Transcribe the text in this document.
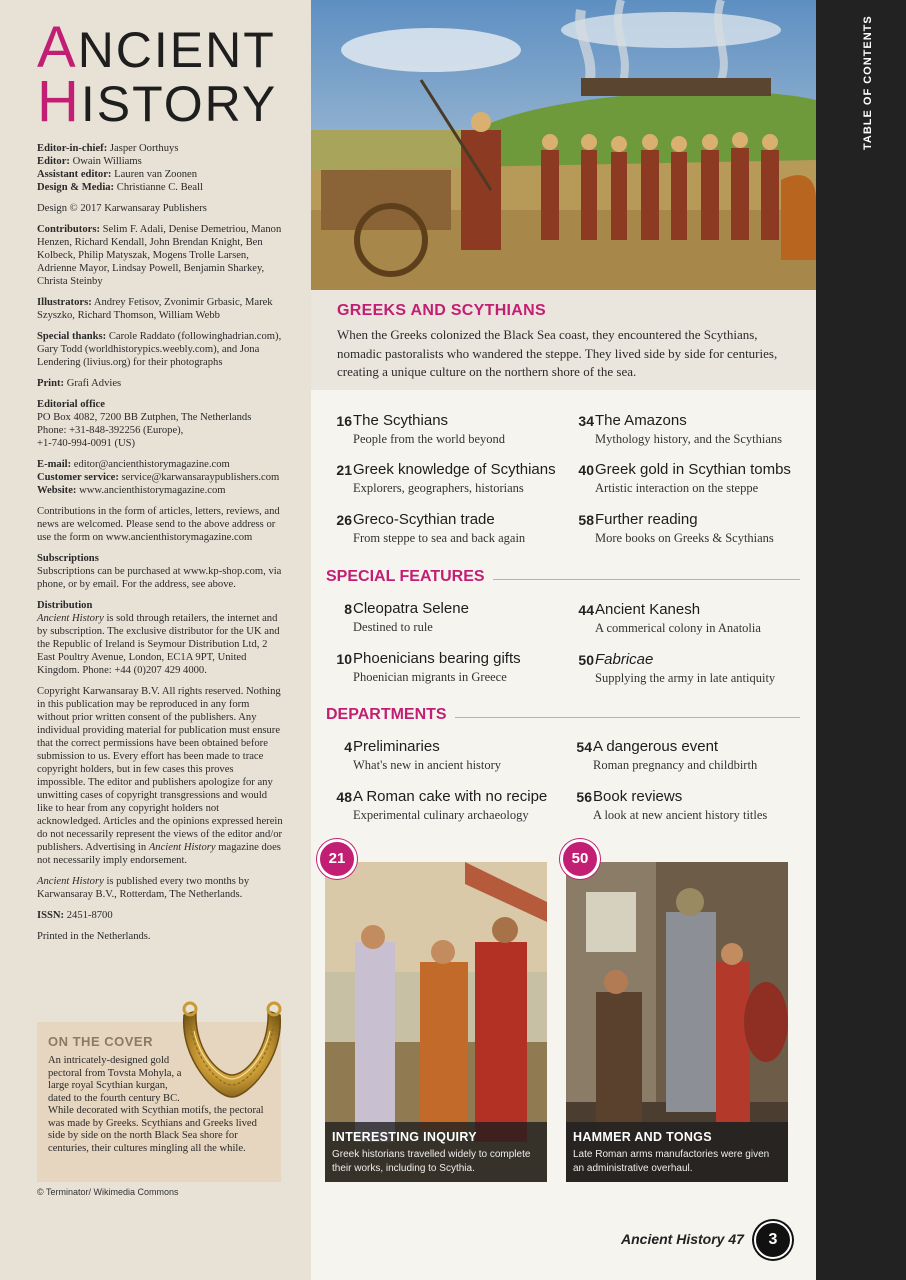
ANCIENT
HISTORY

Editor-in-chief: Jasper Oorthuys
Editor: Owain Williams
Assistant editor: Lauren van Zoonen
Design & Media: Christianne C. Beall

Design © 2017 Karwansaray Publishers

Contributors: Selim F. Adali, Denise Demetriou, Manon Henzen, Richard Kendall, John Brendan Knight, Ben Kolbeck, Philip Matyszak, Mogens Trolle Larsen, Adrienne Mayor, Lindsay Powell, Benjamin Sharkey, Christa Steinby

Illustrators: Andrey Fetisov, Zvonimir Grbasic, Marek Szyszko, Richard Thomson, William Webb

Special thanks: Carole Raddato (followinghadrian.com), Gary Todd (worldhistorypics.weebly.com), and Jona Lendering (livius.org) for their photographs

Print: Grafi Advies

Editorial office
PO Box 4082, 7200 BB Zutphen, The Netherlands
Phone: +31-848-392256 (Europe),
+1-740-994-0091 (US)

E-mail: editor@ancienthistorymagazine.com
Customer service: service@karwansaraypublishers.com
Website: www.ancienthistorymagazine.com

Contributions in the form of articles, letters, reviews, and news are welcomed. Please send to the above address or use the form on www.ancienthistorymagazine.com

Subscriptions
Subscriptions can be purchased at www.kp-shop.com, via phone, or by email. For the address, see above.

Distribution
Ancient History is sold through retailers, the internet and by subscription. The exclusive distributor for the UK and the Republic of Ireland is Seymour Distribution Ltd, 2 East Poultry Avenue, London, EC1A 9PT, United Kingdom. Phone: +44 (0)207 429 4000.

Copyright Karwansaray B.V. All rights reserved. Nothing in this publication may be reproduced in any form without prior written consent of the publishers. Any individual providing material for publication must ensure that the correct permissions have been obtained before submission to us. Every effort has been made to trace copyright holders, but in few cases this proves impossible. The editor and publishers apologize for any unwitting cases of copyright transgressions and would like to hear from any copyright holders not acknowledged. Articles and the opinions expressed herein do not necessarily represent the views of the editor and/or publishers. Advertising in Ancient History magazine does not necessarily imply endorsement.

Ancient History is published every two months by Karwansaray B.V., Rotterdam, The Netherlands.

ISSN: 2451-8700

Printed in the Netherlands.

ON THE COVER
An intricately-designed gold pectoral from Tovsta Mohyla, a large royal Scythian kurgan, dated to the fourth century BC.
While decorated with Scythian motifs, the pectoral was made by Greeks. Scythians and Greeks lived side by side on the north Black Sea shore for centuries, their cultures mingling all the while.
© Terminator/ Wikimedia Commons
GREEKS AND SCYTHIANS
When the Greeks colonized the Black Sea coast, they encountered the Scythians, nomadic pastoralists who wandered the steppe. They lived side by side for centuries, creating a unique culture on the northern shore of the sea.
TABLE OF CONTENTS
16 The Scythians
People from the world beyond
21 Greek knowledge of Scythians
Explorers, geographers, historians
26 Greco-Scythian trade
From steppe to sea and back again
34 The Amazons
Mythology history, and the Scythians
40 Greek gold in Scythian tombs
Artistic interaction on the steppe
58 Further reading
More books on Greeks & Scythians
SPECIAL FEATURES
8 Cleopatra Selene
Destined to rule
10 Phoenicians bearing gifts
Phoenician migrants in Greece
44 Ancient Kanesh
A commerical colony in Anatolia
50 Fabricae
Supplying the army in late antiquity
DEPARTMENTS
4 Preliminaries
What's new in ancient history
48 A Roman cake with no recipe
Experimental culinary archaeology
54 A dangerous event
Roman pregnancy and childbirth
56 Book reviews
A look at new ancient history titles
21
INTERESTING INQUIRY
Greek historians travelled widely to complete their works, including to Scythia.
50
HAMMER AND TONGS
Late Roman arms manufactories were given an administrative overhaul.
Ancient History 47	3
